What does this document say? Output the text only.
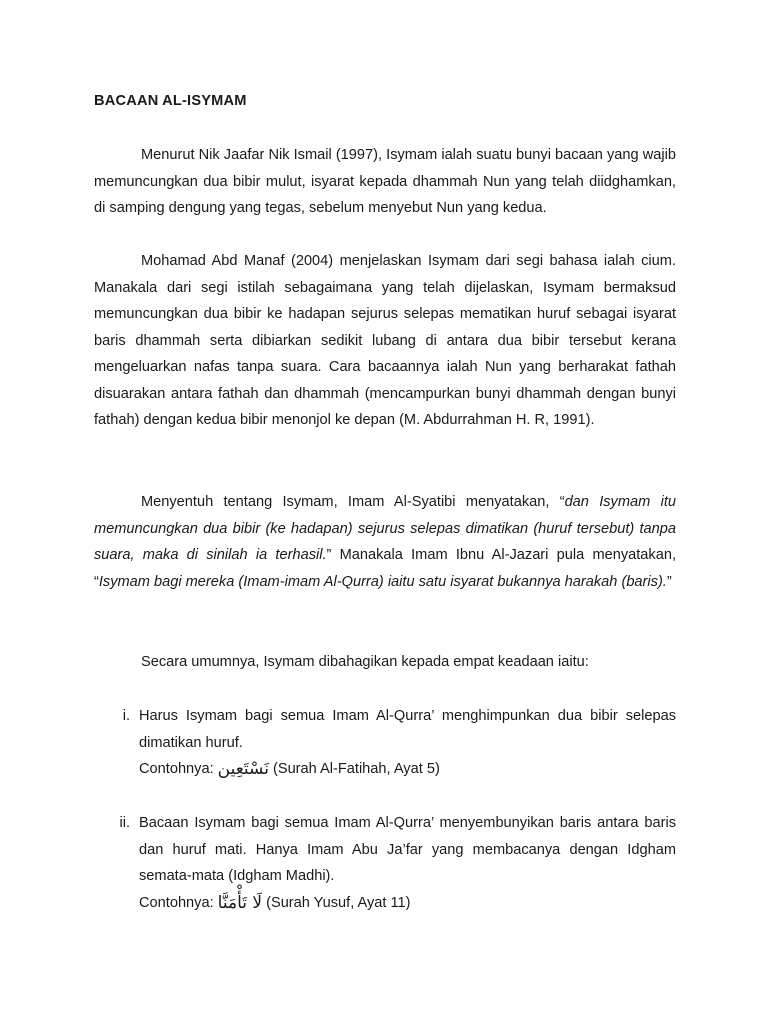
BACAAN AL-ISYMAM

Menurut Nik Jaafar Nik Ismail (1997), Isymam ialah suatu bunyi bacaan yang wajib memuncungkan dua bibir mulut, isyarat kepada dhammah Nun yang telah diidghamkan, di samping dengung yang tegas, sebelum menyebut Nun yang kedua.

Mohamad Abd Manaf (2004) menjelaskan Isymam dari segi bahasa ialah cium. Manakala dari segi istilah sebagaimana yang telah dijelaskan, Isymam bermaksud memuncungkan dua bibir ke hadapan sejurus selepas mematikan huruf sebagai isyarat baris dhammah serta dibiarkan sedikit lubang di antara dua bibir tersebut kerana mengeluarkan nafas tanpa suara. Cara bacaannya ialah Nun yang berharakat fathah disuarakan antara fathah dan dhammah (mencampurkan bunyi dhammah dengan bunyi fathah) dengan kedua bibir menonjol ke depan (M. Abdurrahman H. R, 1991).

Menyentuh tentang Isymam, Imam Al-Syatibi menyatakan, “dan Isymam itu memuncungkan dua bibir (ke hadapan) sejurus selepas dimatikan (huruf tersebut) tanpa suara, maka di sinilah ia terhasil.” Manakala Imam Ibnu Al-Jazari pula menyatakan, “Isymam bagi mereka (Imam-imam Al-Qurra) iaitu satu isyarat bukannya harakah (baris).”

Secara umumnya, Isymam dibahagikan kepada empat keadaan iaitu:

i. Harus Isymam bagi semua Imam Al-Qurra’ menghimpunkan dua bibir selepas dimatikan huruf.
Contohnya: نَسْتَعِين (Surah Al-Fatihah, Ayat 5)
ii. Bacaan Isymam bagi semua Imam Al-Qurra’ menyembunyikan baris antara baris dan huruf mati. Hanya Imam Abu Ja’far yang membacanya dengan Idgham semata-mata (Idgham Madhi).
Contohnya: لَا تَأْمَنَّا (Surah Yusuf, Ayat 11)
